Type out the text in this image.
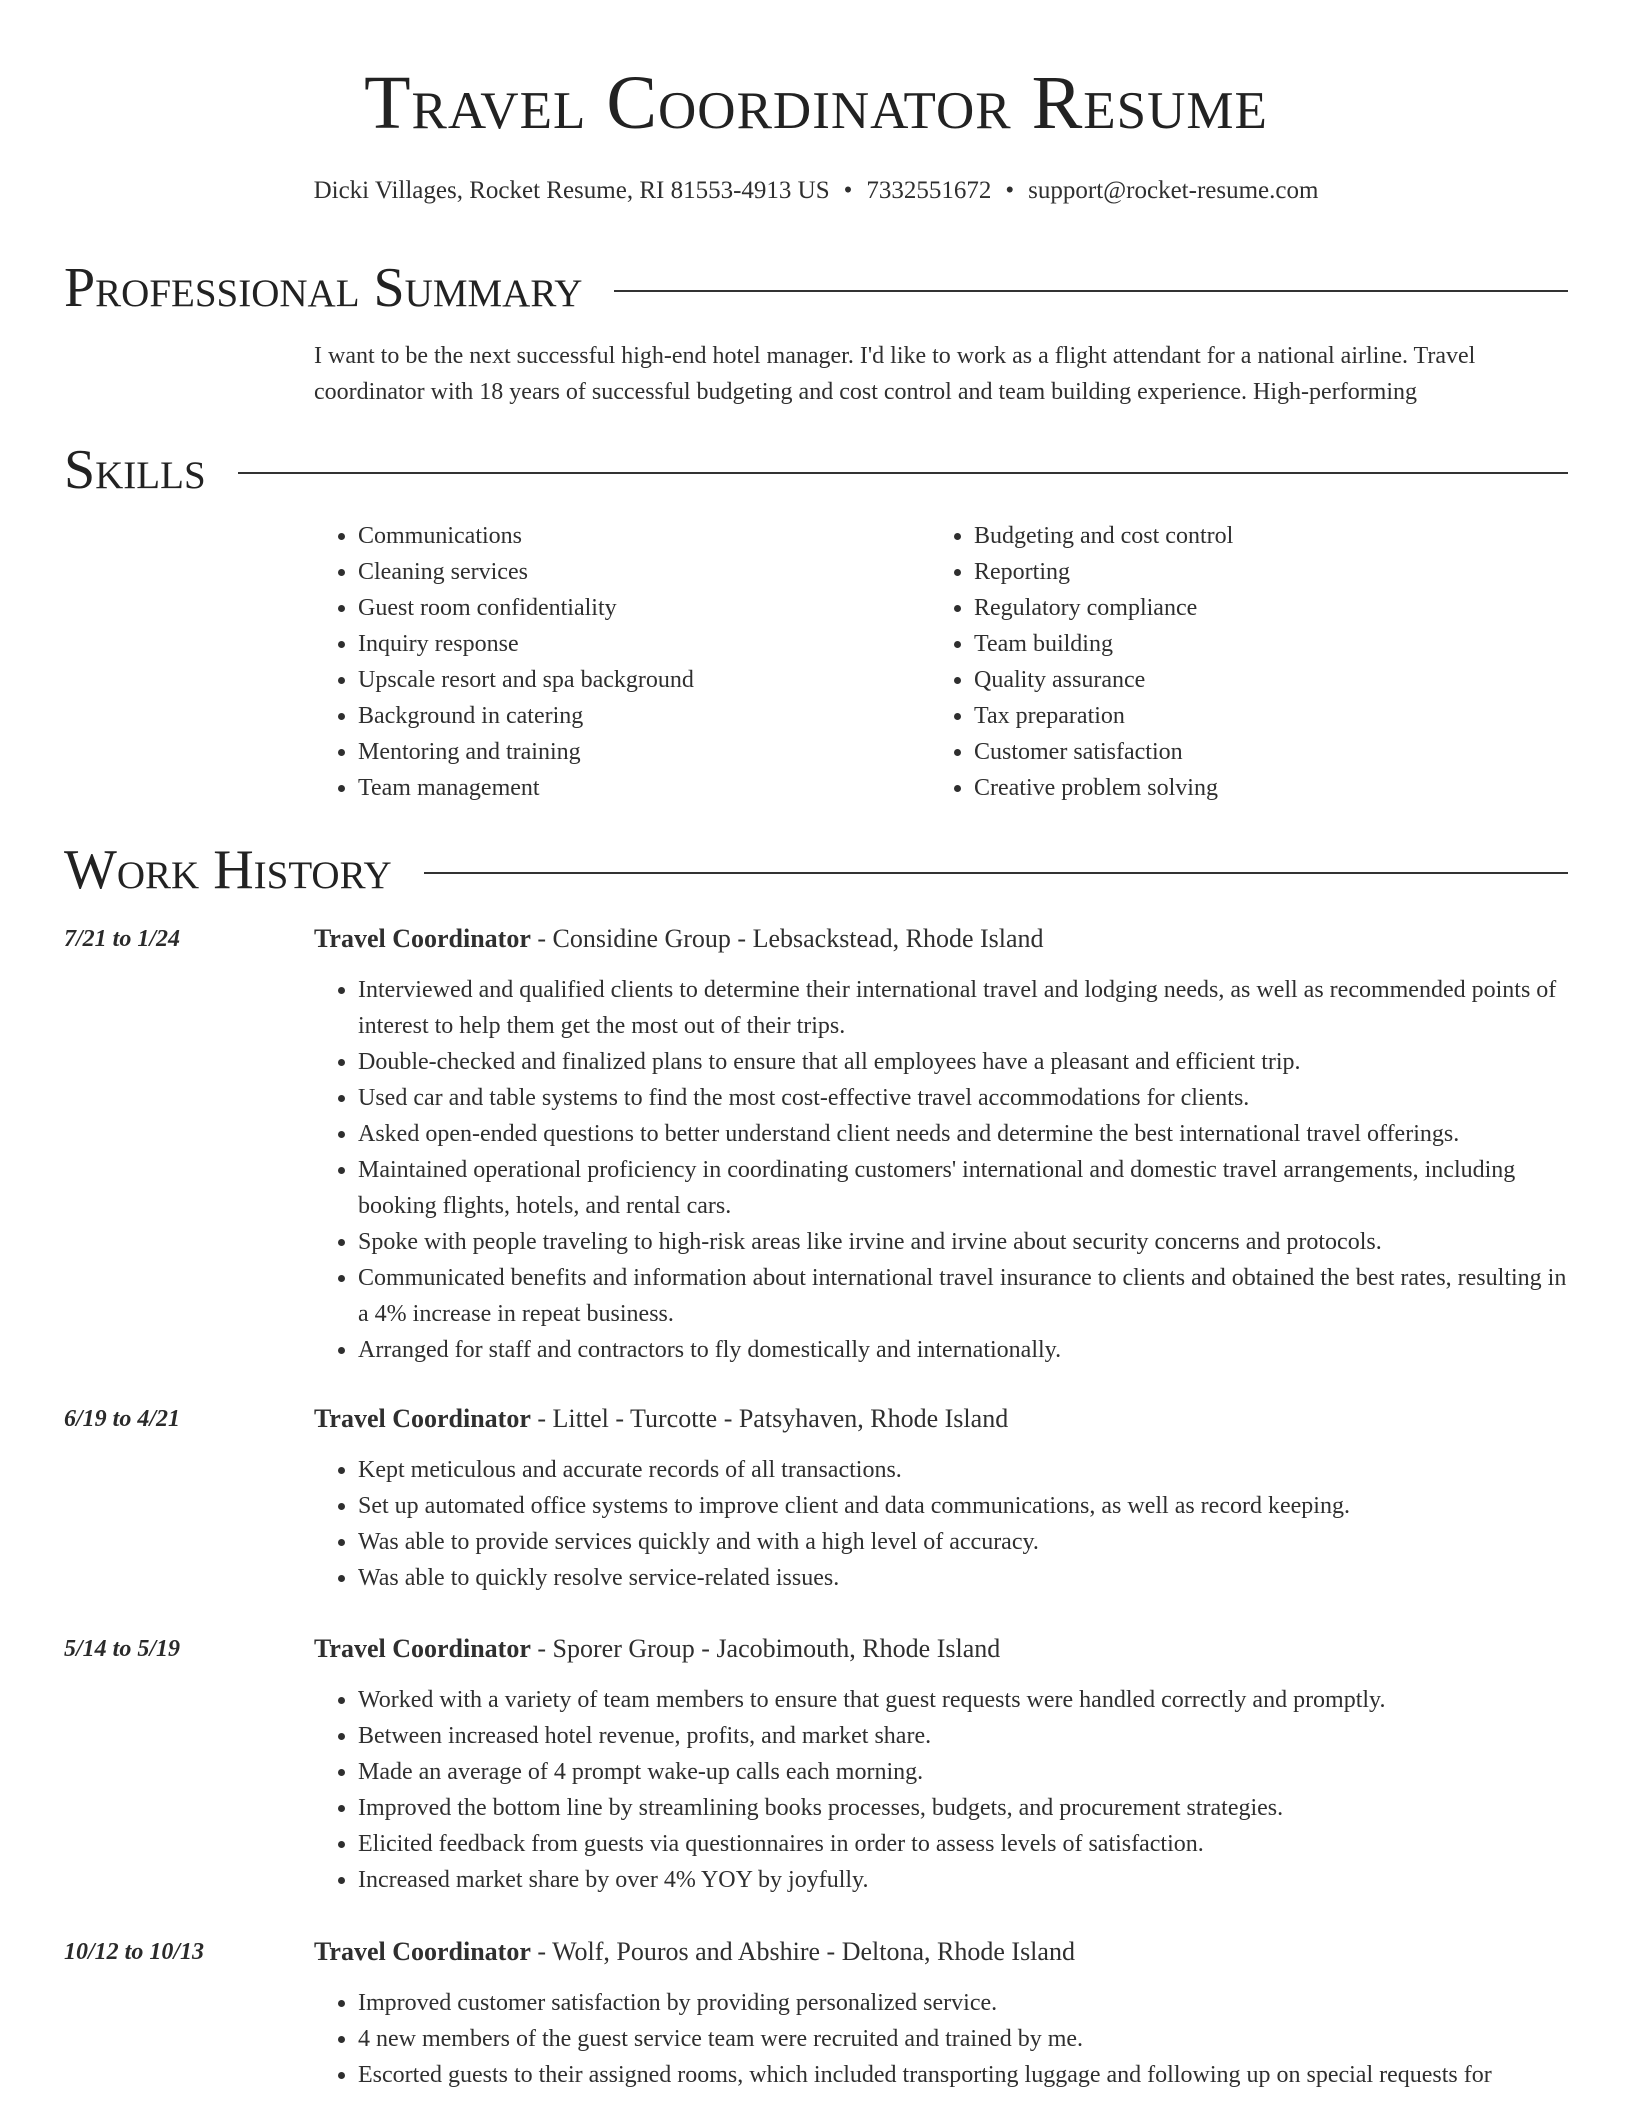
Travel Coordinator Resume
Dicki Villages, Rocket Resume, RI 81553-4913 US • 7332551672 • support@rocket-resume.com
Professional Summary
I want to be the next successful high-end hotel manager. I'd like to work as a flight attendant for a national airline. Travel coordinator with 18 years of successful budgeting and cost control and team building experience. High-performing
Skills
• Communications
• Cleaning services
• Guest room confidentiality
• Inquiry response
• Upscale resort and spa background
• Background in catering
• Mentoring and training
• Team management
• Budgeting and cost control
• Reporting
• Regulatory compliance
• Team building
• Quality assurance
• Tax preparation
• Customer satisfaction
• Creative problem solving
Work History
7/21 to 1/24	Travel Coordinator - Considine Group - Lebsackstead, Rhode Island
• Interviewed and qualified clients to determine their international travel and lodging needs, as well as recommended points of interest to help them get the most out of their trips.
• Double-checked and finalized plans to ensure that all employees have a pleasant and efficient trip.
• Used car and table systems to find the most cost-effective travel accommodations for clients.
• Asked open-ended questions to better understand client needs and determine the best international travel offerings.
• Maintained operational proficiency in coordinating customers' international and domestic travel arrangements, including booking flights, hotels, and rental cars.
• Spoke with people traveling to high-risk areas like irvine and irvine about security concerns and protocols.
• Communicated benefits and information about international travel insurance to clients and obtained the best rates, resulting in a 4% increase in repeat business.
• Arranged for staff and contractors to fly domestically and internationally.
6/19 to 4/21	Travel Coordinator - Littel - Turcotte - Patsyhaven, Rhode Island
• Kept meticulous and accurate records of all transactions.
• Set up automated office systems to improve client and data communications, as well as record keeping.
• Was able to provide services quickly and with a high level of accuracy.
• Was able to quickly resolve service-related issues.
5/14 to 5/19	Travel Coordinator - Sporer Group - Jacobimouth, Rhode Island
• Worked with a variety of team members to ensure that guest requests were handled correctly and promptly.
• Between increased hotel revenue, profits, and market share.
• Made an average of 4 prompt wake-up calls each morning.
• Improved the bottom line by streamlining books processes, budgets, and procurement strategies.
• Elicited feedback from guests via questionnaires in order to assess levels of satisfaction.
• Increased market share by over 4% YOY by joyfully.
10/12 to 10/13	Travel Coordinator - Wolf, Pouros and Abshire - Deltona, Rhode Island
• Improved customer satisfaction by providing personalized service.
• 4 new members of the guest service team were recruited and trained by me.
• Escorted guests to their assigned rooms, which included transporting luggage and following up on special requests for
